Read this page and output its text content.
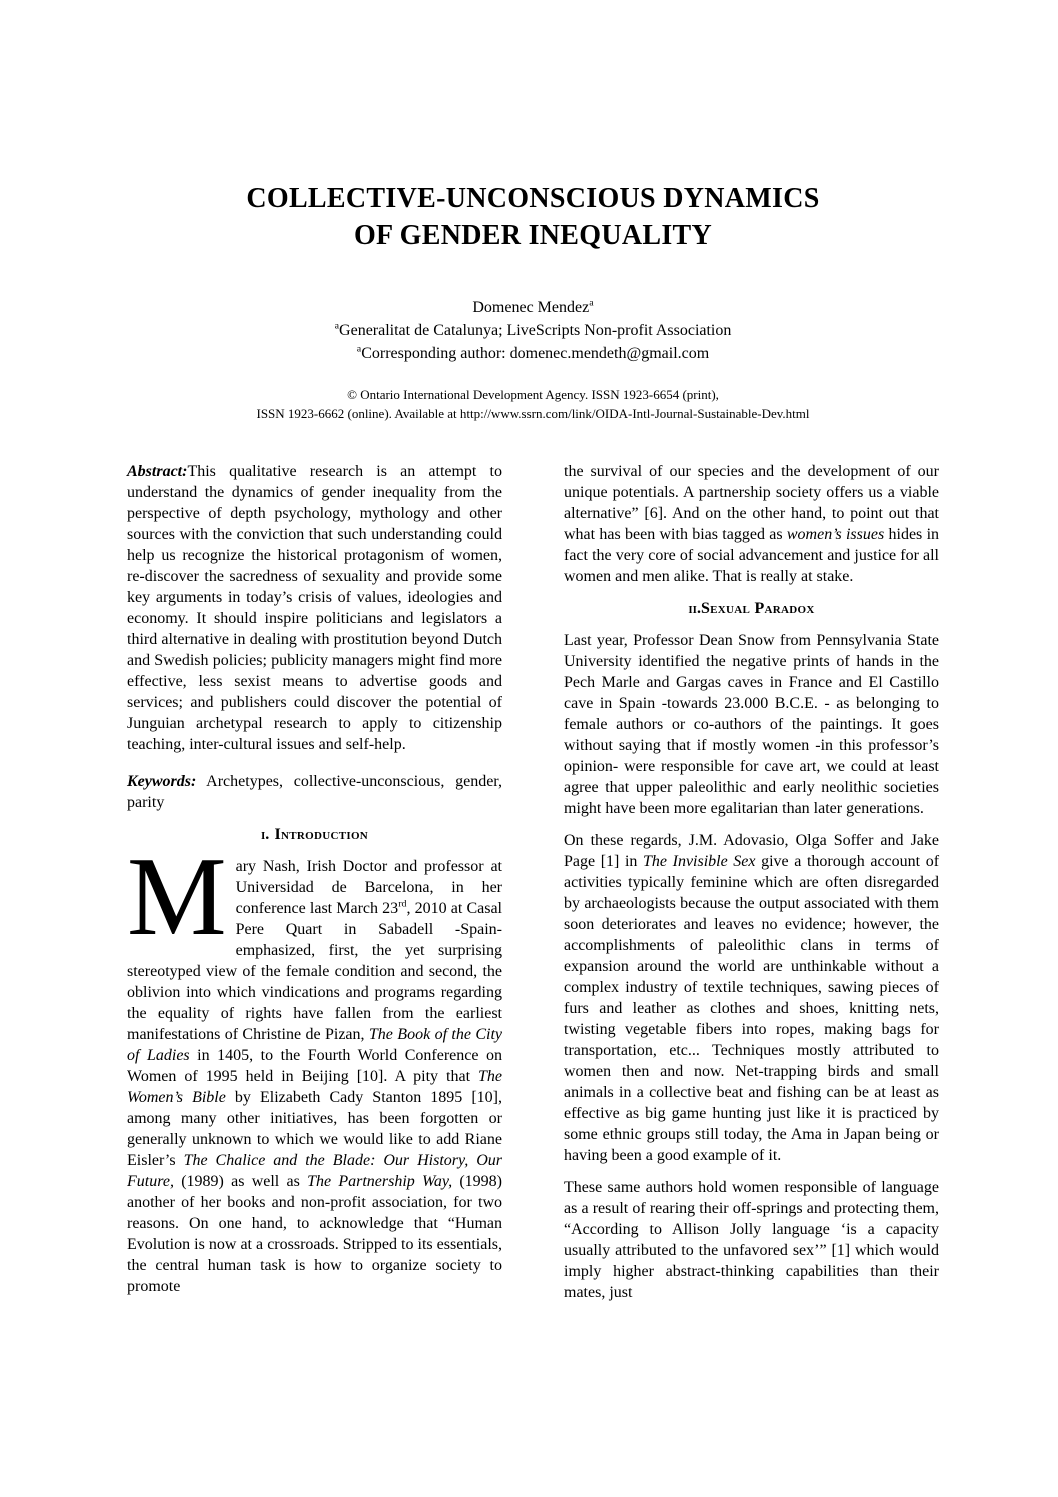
COLLECTIVE-UNCONSCIOUS DYNAMICS
OF GENDER INEQUALITY
Domenec Mendez$^a$
$^a$Generalitat de Catalunya; LiveScripts Non-profit Association
$^a$Corresponding author: domenec.mendeth@gmail.com
© Ontario International Development Agency. ISSN 1923-6654 (print),
ISSN 1923-6662 (online). Available at http://www.ssrn.com/link/OIDA-Intl-Journal-Sustainable-Dev.html

Abstract:This qualitative research is an attempt to understand the dynamics of gender inequality from the perspective of depth psychology, mythology and other sources with the conviction that such understanding could help us recognize the historical protagonism of women, re-discover the sacredness of sexuality and provide some key arguments in today’s crisis of values, ideologies and economy. It should inspire politicians and legislators a third alternative in dealing with prostitution beyond Dutch and Swedish policies; publicity managers might find more effective, less sexist means to advertise goods and services; and publishers could discover the potential of Junguian archetypal research to apply to citizenship teaching, inter-cultural issues and self-help.

Keywords: Archetypes, collective-unconscious, gender, parity

i. Introduction

Mary Nash, Irish Doctor and professor at Universidad de Barcelona, in her conference last March 23rd, 2010 at Casal Pere Quart in Sabadell -Spain- emphasized, first, the yet surprising stereotyped view of the female condition and second, the oblivion into which vindications and programs regarding the equality of rights have fallen from the earliest manifestations of Christine de Pizan, The Book of the City of Ladies in 1405, to the Fourth World Conference on Women of 1995 held in Beijing [10]. A pity that The Women’s Bible by Elizabeth Cady Stanton 1895 [10], among many other initiatives, has been forgotten or generally unknown to which we would like to add Riane Eisler’s The Chalice and the Blade: Our History, Our Future, (1989) as well as The Partnership Way, (1998) another of her books and non-profit association, for two reasons. On one hand, to acknowledge that “Human Evolution is now at a crossroads. Stripped to its essentials, the central human task is how to organize society to promote

the survival of our species and the development of our unique potentials. A partnership society offers us a viable alternative” [6]. And on the other hand, to point out that what has been with bias tagged as women’s issues hides in fact the very core of social advancement and justice for all women and men alike. That is really at stake.

ii.Sexual Paradox

Last year, Professor Dean Snow from Pennsylvania State University identified the negative prints of hands in the Pech Marle and Gargas caves in France and El Castillo cave in Spain -towards 23.000 B.C.E. - as belonging to female authors or co-authors of the paintings. It goes without saying that if mostly women -in this professor’s opinion- were responsible for cave art, we could at least agree that upper paleolithic and early neolithic societies might have been more egalitarian than later generations.

On these regards, J.M. Adovasio, Olga Soffer and Jake Page [1] in The Invisible Sex give a thorough account of activities typically feminine which are often disregarded by archaeologists because the output associated with them soon deteriorates and leaves no evidence; however, the accomplishments of paleolithic clans in terms of expansion around the world are unthinkable without a complex industry of textile techniques, sawing pieces of furs and leather as clothes and shoes, knitting nets, twisting vegetable fibers into ropes, making bags for transportation, etc... Techniques mostly attributed to women then and now. Net-trapping birds and small animals in a collective beat and fishing can be at least as effective as big game hunting just like it is practiced by some ethnic groups still today, the Ama in Japan being or having been a good example of it.

These same authors hold women responsible of language as a result of rearing their off-springs and protecting them, “According to Allison Jolly language ‘is a capacity usually attributed to the unfavored sex’” [1] which would imply higher abstract-thinking capabilities than their mates, just
